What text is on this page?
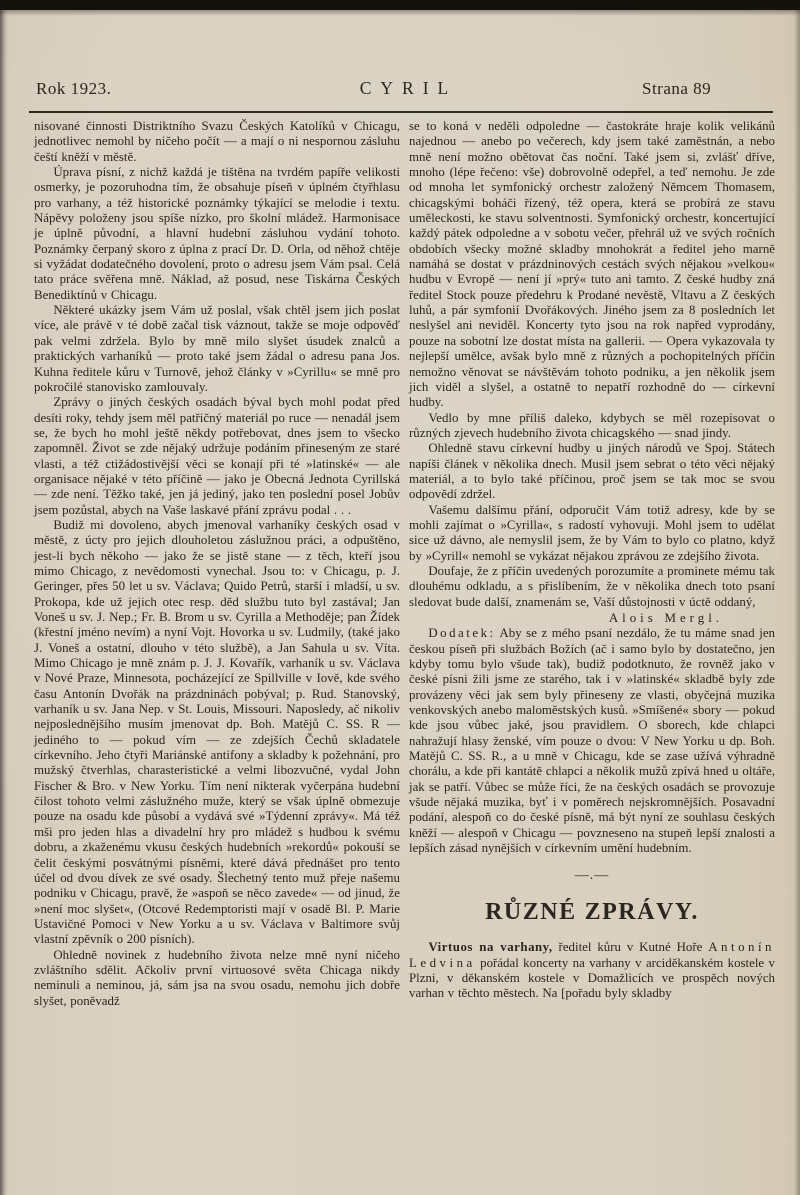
Rok 1923.	CYRIL	Strana 89

nisované činnosti Distriktního Svazu Českých Katolíků v Chicagu, jednotlivec nemohl by ničeho počít — a mají o ni nespornou zásluhu čeští kněží v městě.

Úprava písní, z nichž každá je tištěna na tvrdém papíře velikosti osmerky, je pozoruhodna tím, že obsahuje píseň v úplném čtyřhlasu pro varhany, a též historické poznámky týkající se melodie i textu. Nápěvy položeny jsou spíše nízko, pro školní mládež. Harmonisace je úplně původní, a hlavní hudební zásluhou vydání tohoto. Poznámky čerpaný skoro z úplna z prací Dr. D. Orla, od něhož chtěje si vyžádat dodatečného dovolení, proto o adresu jsem Vám psal. Celá tato práce svěřena mně. Náklad, až posud, nese Tiskárna Českých Benediktínů v Chicagu.

Některé ukázky jsem Vám už poslal, však chtěl jsem jich poslat více, ale právě v té době začal tisk váznout, takže se moje odpověď pak velmi zdržela. Bylo by mně milo slyšet úsudek znalců a praktických varhaníků — proto také jsem žádal o adresu pana Jos. Kuhna ředitele kůru v Turnově, jehož články v »Cyrillu« se mně pro pokročilé stanovisko zamlouvaly.

Zprávy o jiných českých osadách býval bych mohl podat před desíti roky, tehdy jsem měl patřičný materiál po ruce — nenadál jsem se, že bych ho mohl ještě někdy potřebovat, dnes jsem to všecko zapomněl. Život se zde nějaký udržuje podáním přineseným ze staré vlasti, a též ctižádostivější věci se konají při té »latinské« — ale organisace nějaké v této příčině — jako je Obecná Jednota Cyrillská — zde není. Těžko také, jen já jediný, jako ten poslední posel Jobův jsem pozůstal, abych na Vaše laskavé přání zprávu podal . . .

Budiž mi dovoleno, abych jmenoval varhaníky českých osad v městě, z úcty pro jejich dlouholetou záslužnou práci, a odpuštěno, jest-li bych někoho — jako že se jistě stane — z těch, kteří jsou mimo Chicago, z nevědomosti vynechal. Jsou to: v Chicagu, p. J. Geringer, přes 50 let u sv. Václava; Quido Petrů, starší i mladší, u sv. Prokopa, kde už jejich otec resp. děd službu tuto byl zastával; Jan Voneš u sv. J. Nep.; Fr. B. Brom u sv. Cyrilla a Methoděje; pan Žídek (křestní jméno nevím) a nyní Vojt. Hovorka u sv. Ludmily, (také jako J. Voneš a ostatní, dlouho v této službě), a Jan Sahula u sv. Víta. Mimo Chicago je mně znám p. J. J. Kovařík, varhaník u sv. Václava v Nové Praze, Minnesota, pocházející ze Spillville v Iově, kde svého času Antonín Dvořák na prázdninách pobýval; p. Rud. Stanovský, varhaník u sv. Jana Nep. v St. Louis, Missouri. Naposledy, ač nikoliv nejposlednějšího musím jmenovat dp. Boh. Matějů C. SS. R — jediného to — pokud vím — ze zdejších Čechů skladatele církevního. Jeho čtyři Mariánské antifony a skladby k požehnání, pro mužský čtverhlas, charasteristické a velmi libozvučné, vydal John Fischer & Bro. v New Yorku. Tím není nikterak vyčerpána hudební čilost tohoto velmi záslužného muže, který se však úplně obmezuje pouze na osadu kde působí a vydává své »Týdenní zprávy«. Má též mši pro jeden hlas a divadelní hry pro mládež s hudbou k svému dobru, a zkaženému vkusu českých hudebních »rekordů« pokouší se čelit českými posvátnými písněmi, které dává přednášet pro tento účel od dvou dívek ze své osady. Šlechetný tento muž přeje našemu podniku v Chicagu, pravě, že »aspoň se něco zavede« — od jinud, že »není moc slyšet«, (Otcové Redemptoristi mají v osadě Bl. P. Marie Ustavičné Pomoci v New Yorku a u sv. Václava v Baltimore svůj vlastní zpěvník o 200 písních).

Ohledně novinek z hudebního života nelze mně nyní ničeho zvláštního sdělit. Ačkoliv první virtuosové světa Chicaga nikdy neminuli a neminou, já, sám jsa na svou osadu, nemohu jich dobře slyšet, poněvadž

se to koná v neděli odpoledne — častokráte hraje kolik velikánů najednou — anebo po večerech, kdy jsem také zaměstnán, a nebo mně není možno obětovat čas noční. Také jsem si, zvlášť dříve, mnoho (lépe řečeno: vše) dobrovolně odepřel, a teď nemohu. Je zde od mnoha let symfonický orchestr založený Němcem Thomasem, chicagskými boháči řízený, též opera, která se probírá ze stavu uměleckosti, ke stavu solventnosti. Symfonický orchestr, koncertující každý pátek odpoledne a v sobotu večer, přehrál už ve svých ročních obdobích všecky možné skladby mnohokrát a ředitel jeho marně namáhá se dostat v prázdninových cestách svých nějakou »velkou« hudbu v Evropě — není jí »prý« tuto ani tamto. Z české hudby zná ředitel Stock pouze předehru k Prodané nevěstě, Vltavu a Z českých luhů, a pár symfonií Dvořákových. Jiného jsem za 8 posledních let neslyšel ani neviděl. Koncerty tyto jsou na rok napřed vyprodány, pouze na sobotní lze dostat místa na gallerii. — Opera vykazovala ty nejlepší umělce, avšak bylo mně z různých a pochopitelných příčin nemožno věnovat se návštěvám tohoto podniku, a jen několik jsem jich viděl a slyšel, a ostatně to nepatří rozhodně do — církevní hudby.

Vedlo by mne příliš daleko, kdybych se měl rozepisovat o různých zjevech hudebního života chicagského — snad jindy.

Ohledně stavu církevní hudby u jiných národů ve Spoj. Státech napíši článek v několika dnech. Musil jsem sebrat o této věci nějaký materiál, a to bylo také příčinou, proč jsem se tak moc se svou odpovědí zdržel.

Vašemu dalšímu přání, odporučit Vám totiž adresy, kde by se mohli zajímat o »Cyrilla«, s radostí vyhovuji. Mohl jsem to udělat sice už dávno, ale nemyslil jsem, že by Vám to bylo co platno, když by »Cyrill« nemohl se vykázat nějakou zprávou ze zdejšího života.

Doufaje, že z příčin uvedených porozumíte a prominete mému tak dlouhému odkladu, a s přislíbením, že v několika dnech toto psaní sledovat bude další, znamenám se, Vaší důstojnosti v úctě oddaný,

Alois Mergl.

Dodatek: Aby se z mého psaní nezdálo, že tu máme snad jen českou píseň při službách Božích (ač i samo bylo by dostatečno, jen kdyby tomu bylo všude tak), budiž podotknuto, že rovněž jako v české písni žili jsme ze starého, tak i v »latinské« skladbě byly zde provázeny věci jak sem byly přineseny ze vlasti, obyčejná muzika venkovských anebo maloměstských kusů. »Smíšené« sbory — pokud kde jsou vůbec jaké, jsou pravidlem. O sborech, kde chlapci nahražují hlasy ženské, vím pouze o dvou: V New Yorku u dp. Boh. Matějů C. SS. R., a u mně v Chicagu, kde se zase užívá výhradně chorálu, a kde při kantátě chlapci a několik mužů zpívá hned u oltáře, jak se patří. Vůbec se může říci, že na českých osadách se provozuje všude nějaká muzika, byť i v poměrech nejskromnějších. Posavadní podání, alespoň co do české písně, má být nyní ze souhlasu českých kněží — alespoň v Chicagu — povzneseno na stupeň lepší znalosti a lepších zásad nynějších v církevním umění hudebním.

—.—
RŮZNÉ ZPRÁVY.

Virtuos na varhany, ředitel kůru v Kutné Hoře Antonín Ledvina pořádal koncerty na varhany v arciděkanském kostele v Plzni, v děkanském kostele v Domažlicích ve prospěch nových varhan v těchto městech. Na [pořadu byly skladby
